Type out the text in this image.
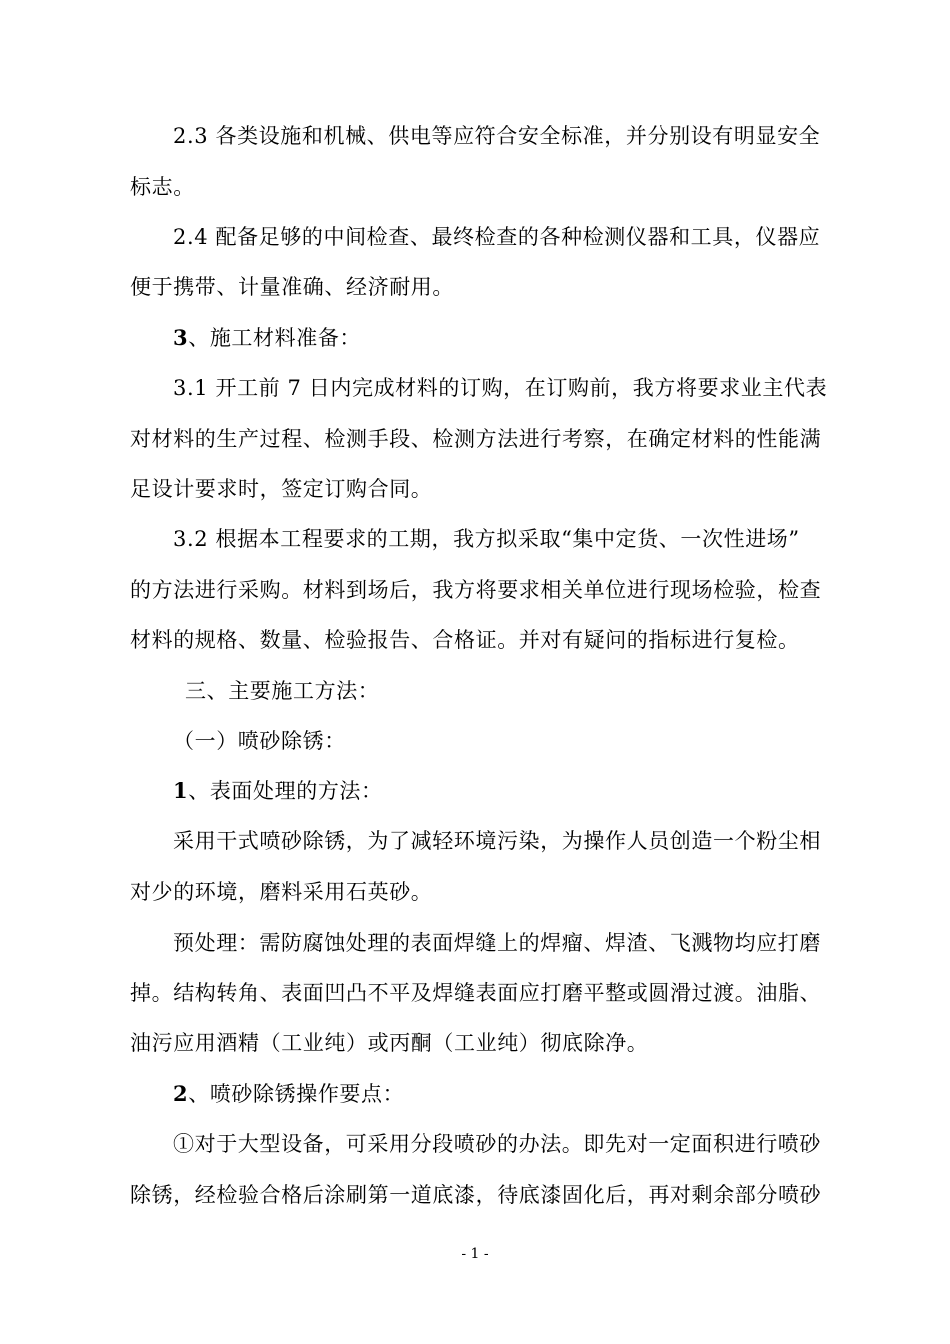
2.3 各类设施和机械、供电等应符合安全标准，并分别设有明显安全
标志。
2.4 配备足够的中间检查、最终检查的各种检测仪器和工具，仪器应
便于携带、计量准确、经济耐用。
3、施工材料准备：
3.1 开工前 7 日内完成材料的订购，在订购前，我方将要求业主代表
对材料的生产过程、检测手段、检测方法进行考察，在确定材料的性能满
足设计要求时，签定订购合同。
3.2 根据本工程要求的工期，我方拟采取“集中定货、一次性进场”
的方法进行采购。材料到场后，我方将要求相关单位进行现场检验，检查
材料的规格、数量、检验报告、合格证。并对有疑问的指标进行复检。
三、主要施工方法：
（一）喷砂除锈：
1、表面处理的方法：
采用干式喷砂除锈，为了减轻环境污染，为操作人员创造一个粉尘相
对少的环境，磨料采用石英砂。
预处理：需防腐蚀处理的表面焊缝上的焊瘤、焊渣、飞溅物均应打磨
掉。结构转角、表面凹凸不平及焊缝表面应打磨平整或圆滑过渡。油脂、
油污应用酒精（工业纯）或丙酮（工业纯）彻底除净。
2、喷砂除锈操作要点：
①对于大型设备，可采用分段喷砂的办法。即先对一定面积进行喷砂
除锈，经检验合格后涂刷第一道底漆，待底漆固化后，再对剩余部分喷砂
- 1 -
